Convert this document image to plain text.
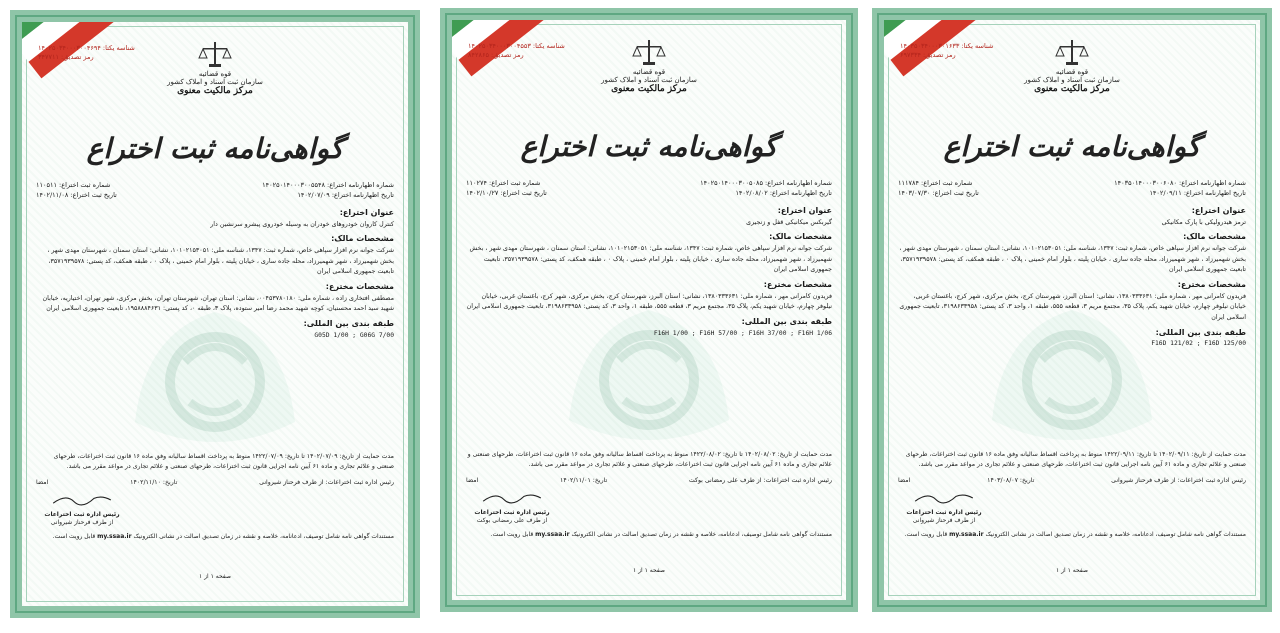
شناسه یکتا: ۱۴۰۲۵۰۳۴۰۰۰۳۰۰۴۶۹۴
رمز تصدیق: ۳۴۷۷۱۱
قوه قضائیه
سازمان ثبت اسناد و املاک کشور
مرکز مالکیت معنوی
گواهی‌نامه ثبت اختراع
شماره اظهارنامه اختراع: ۱۴۰۲۵۰۱۴۰۰۰۳۰۰۵۵۴۸
شماره ثبت اختراع: ۱۱۰۵۱۱
تاریخ اظهارنامه اختراع: ۱۴۰۲/۰۷/۰۹
تاریخ ثبت اختراع: ۱۴۰۲/۱۱/۰۸
عنوان اختراع:

کنترل کاروان خودروهای خودران به وسیله خودروی پیشرو سرنشین دار

مشخصات مالک:

شرکت جوانه نرم افزار سپاهی خاص، شماره ثبت: ۱۳۴۷، شناسه ملی: ۱۰۱۰۲۱۵۳۰۵۱، نشانی: استان سمنان ، شهرستان مهدی شهر ، بخش شهمیرزاد ، شهر شهمیرزاد، محله جاده ساری ، خیابان پلیته ، بلوار امام خمینی ، پلاک ۰ ، طبقه همکف، کد پستی: ۳۵۷۱۹۳۹۵۷۸، تابعیت جمهوری اسلامی ایران

مشخصات مخترع:

مصطفی افتخاری زاده ، شماره ملی: ۰۰۴۵۳۷۸۰۱۸۰، نشانی: استان تهران، شهرستان تهران، بخش مرکزی، شهر تهران، اختیاریه، خیابان شهید سید احمد محسنیان، کوچه شهید محمد رضا امیر ستوده، پلاک ۳، طبقه ۰، کد پستی: ۱۹۵۸۸۸۴۶۳۱، تابعیت جمهوری اسلامی ایران

طبقه بندی بین المللی:

G05D 1/00 ; G06G 7/00

مدت حمایت از تاریخ: ۱۴۰۲/۰۷/۰۹ تا تاریخ: ۱۴۲۲/۰۷/۰۹ منوط به پرداخت اقساط سالیانه وفق ماده ۱۶ قانون ثبت اختراعات، طرحهای صنعتی و علائم تجاری و ماده ۶۱ آیین نامه اجرایی قانون ثبت اختراعات، طرحهای صنعتی و علائم تجاری در مواعد مقرر می باشد.

رئیس اداره ثبت اختراعات: از طرف فرحناز شیروانی
تاریخ: ۱۴۰۲/۱۱/۱۰
امضا
رئیس اداره ثبت اختراعات
از طرف فرحناز شیروانی
مستندات گواهی نامه شامل توصیف، ادعانامه، خلاصه و نقشه در زمان تصدیق اصالت در نشانی الکترونیک my.ssaa.ir قابل رویت است.
صفحه ۱ از ۱
شناسه یکتا: ۱۴۰۲۵۰۳۴۰۰۰۳۰۰۴۵۵۳
رمز تصدیق: ۸۴۲۸۶۵
قوه قضائیه
سازمان ثبت اسناد و املاک کشور
مرکز مالکیت معنوی
گواهی‌نامه ثبت اختراع
شماره اظهارنامه اختراع: ۱۴۰۲۵۰۱۴۰۰۰۳۰۰۵۰۸۵
شماره ثبت اختراع: ۱۱۰۲۷۴
تاریخ اظهارنامه اختراع: ۱۴۰۲/۰۸/۰۲
تاریخ ثبت اختراع: ۱۴۰۲/۱۰/۲۷
عنوان اختراع:

گیربکس میکانیکی قفل و زنجیری

مشخصات مالک:

شرکت جوانه نرم افزار سپاهی خاص، شماره ثبت: ۱۳۴۷، شناسه ملی: ۱۰۱۰۲۱۵۳۰۵۱، نشانی: استان سمنان ، شهرستان مهدی شهر ، بخش شهمیرزاد ، شهر شهمیرزاد، محله جاده ساری ، خیابان پلیته ، بلوار امام خمینی ، پلاک ۰ ، طبقه همکف، کد پستی: ۳۵۷۱۹۳۹۵۷۸، تابعیت جمهوری اسلامی ایران

مشخصات مخترع:

فریدون کامرانی مهر ، شماره ملی: ۱۳۸۰۳۳۳۶۳۱، نشانی: استان البرز، شهرستان کرج، بخش مرکزی، شهر کرج، باغستان غربی، خیابان نیلوفر چهارم، خیابان شهید یکم، پلاک ۳۵، مجتمع مریم ۳، قطعه ۵۵۵، طبقه ۱، واحد ۳، کد پستی: ۳۱۹۸۶۳۳۹۵۸، تابعیت جمهوری اسلامی ایران

طبقه بندی بین المللی:

F16H 1/00 ; F16H 57/00 ; F16H 37/00 ; F16H 1/06

مدت حمایت از تاریخ: ۱۴۰۲/۰۸/۰۲ تا تاریخ: ۱۴۲۲/۰۸/۰۲ منوط به پرداخت اقساط سالیانه وفق ماده ۱۶ قانون ثبت اختراعات، طرحهای صنعتی و علائم تجاری و ماده ۶۱ آیین نامه اجرایی قانون ثبت اختراعات، طرحهای صنعتی و علائم تجاری در مواعد مقرر می باشد.

رئیس اداره ثبت اختراعات: از طرف علی رمضانی بوکت
تاریخ: ۱۴۰۲/۱۱/۰۱
امضا
رئیس اداره ثبت اختراعات
از طرف علی رمضانی بوکت
مستندات گواهی نامه شامل توصیف، ادعانامه، خلاصه و نقشه در زمان تصدیق اصالت در نشانی الکترونیک my.ssaa.ir قابل رویت است.
صفحه ۱ از ۱
شناسه یکتا: ۱۴۰۳۵۰۳۴۰۰۰۳۰۱۶۳۳
رمز تصدیق: ۶۹۷۳۳۴
قوه قضائیه
سازمان ثبت اسناد و املاک کشور
مرکز مالکیت معنوی
گواهی‌نامه ثبت اختراع
شماره اظهارنامه اختراع: ۱۴۰۳۵۰۱۴۰۰۰۳۰۰۶۰۸۰
شماره ثبت اختراع: ۱۱۱۷۸۴
تاریخ اظهارنامه اختراع: ۱۴۰۲/۰۹/۱۱
تاریخ ثبت اختراع: ۱۴۰۳/۰۷/۳۰
عنوان اختراع:

ترمز هیدرولیکی با پارک مکانیکی

مشخصات مالک:

شرکت جوانه نرم افزار سپاهی خاص، شماره ثبت: ۱۳۴۷، شناسه ملی: ۱۰۱۰۲۱۵۳۰۵۱، نشانی: استان سمنان ، شهرستان مهدی شهر ، بخش شهمیرزاد ، شهر شهمیرزاد، محله جاده ساری ، خیابان پلیته ، بلوار امام خمینی ، پلاک ۰ ، طبقه همکف، کد پستی: ۳۵۷۱۹۳۹۵۷۸، تابعیت جمهوری اسلامی ایران

مشخصات مخترع:

فریدون کامرانی مهر ، شماره ملی: ۱۳۸۰۳۳۳۶۳۱، نشانی: استان البرز، شهرستان کرج، بخش مرکزی، شهر کرج، باغستان غربی، خیابان نیلوفر چهارم، خیابان شهید یکم، پلاک ۳۵، مجتمع مریم ۳، قطعه ۵۵۵، طبقه ۱، واحد ۳، کد پستی: ۳۱۹۸۶۳۳۹۵۸، تابعیت جمهوری اسلامی ایران

طبقه بندی بین المللی:

F16D 121/02 ; F16D 125/00

مدت حمایت از تاریخ: ۱۴۰۲/۰۹/۱۱ تا تاریخ: ۱۴۲۲/۰۹/۱۱ منوط به پرداخت اقساط سالیانه وفق ماده ۱۶ قانون ثبت اختراعات، طرحهای صنعتی و علائم تجاری و ماده ۶۱ آیین نامه اجرایی قانون ثبت اختراعات، طرحهای صنعتی و علائم تجاری در مواعد مقرر می باشد.

رئیس اداره ثبت اختراعات: از طرف فرحناز شیروانی
تاریخ: ۱۴۰۳/۰۸/۰۷
امضا
رئیس اداره ثبت اختراعات
از طرف فرحناز شیروانی
مستندات گواهی نامه شامل توصیف، ادعانامه، خلاصه و نقشه در زمان تصدیق اصالت در نشانی الکترونیک my.ssaa.ir قابل رویت است.
صفحه ۱ از ۱
